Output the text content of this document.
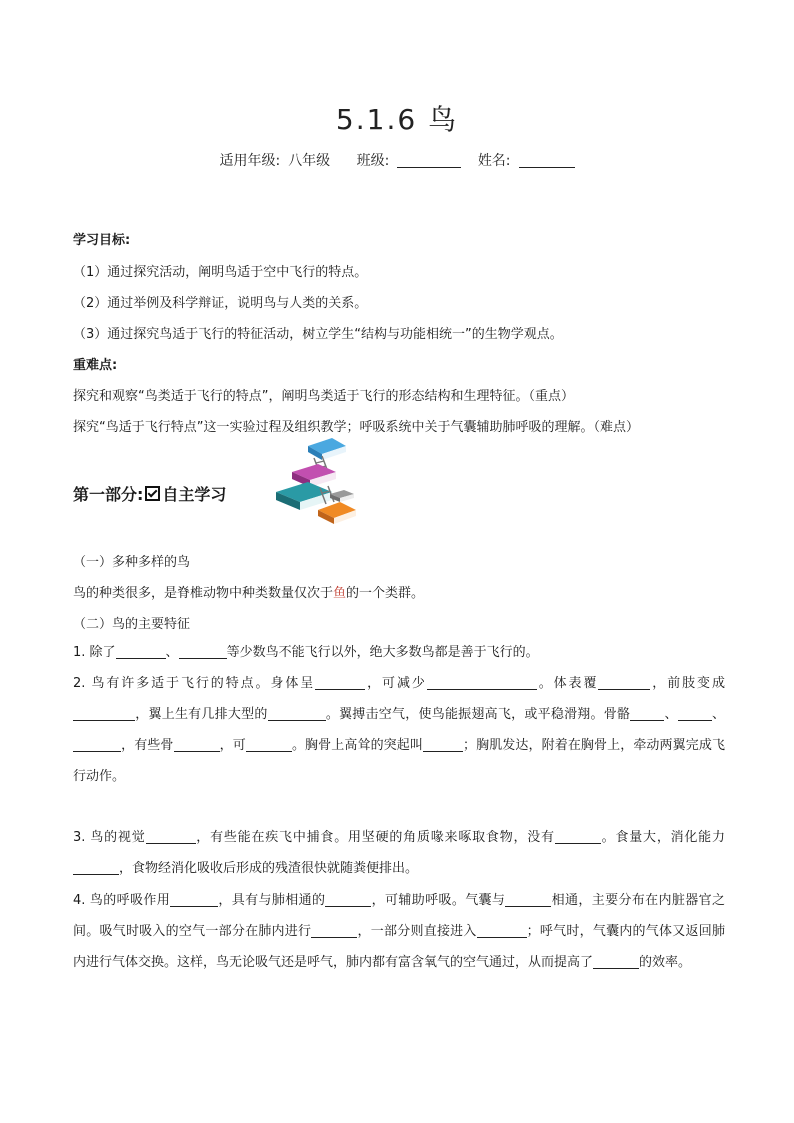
5.1.6 鸟
适用年级: 八年级 班级:	姓名:
学习目标:
（1）通过探究活动，阐明鸟适于空中飞行的特点。
（2）通过举例及科学辩证，说明鸟与人类的关系。
（3）通过探究鸟适于飞行的特征活动，树立学生“结构与功能相统一”的生物学观点。
重难点:
探究和观察“鸟类适于飞行的特点”，阐明鸟类适于飞行的形态结构和生理特征。（重点）
探究“鸟适于飞行特点”这一实验过程及组织教学；呼吸系统中关于气囊辅助肺呼吸的理解。（难点）
第一部分: 自主学习
（一）多种多样的鸟
鸟的种类很多，是脊椎动物中种类数量仅次于鱼的一个类群。
（二）鸟的主要特征
1. 除了	、	等少数鸟不能飞行以外，绝大多数鸟都是善于飞行的。
2. 鸟有许多适于飞行的特点。身体呈	，可减少	。体表覆	，前肢变成，翼上生有几排大型的	。翼搏击空气，使鸟能振翅高飞，或平稳滑翔。骨骼	、	、，有些骨	，可	。胸骨上高耸的突起叫	；胸肌发达，附着在胸骨上，牵动两翼完成飞行动作。
3. 鸟的视觉	，有些能在疾飞中捕食。用坚硬的角质喙来啄取食物，没有	。食量大，消化能力，食物经消化吸收后形成的残渣很快就随粪便排出。
4. 鸟的呼吸作用	，具有与肺相通的	，可辅助呼吸。气囊与	相通，主要分布在内脏器官之间。吸气时吸入的空气一部分在肺内进行	，一部分则直接进入	；呼气时，气囊内的气体又返回肺内进行气体交换。这样，鸟无论吸气还是呼气，肺内都有富含氧气的空气通过，从而提高了	的效率。
